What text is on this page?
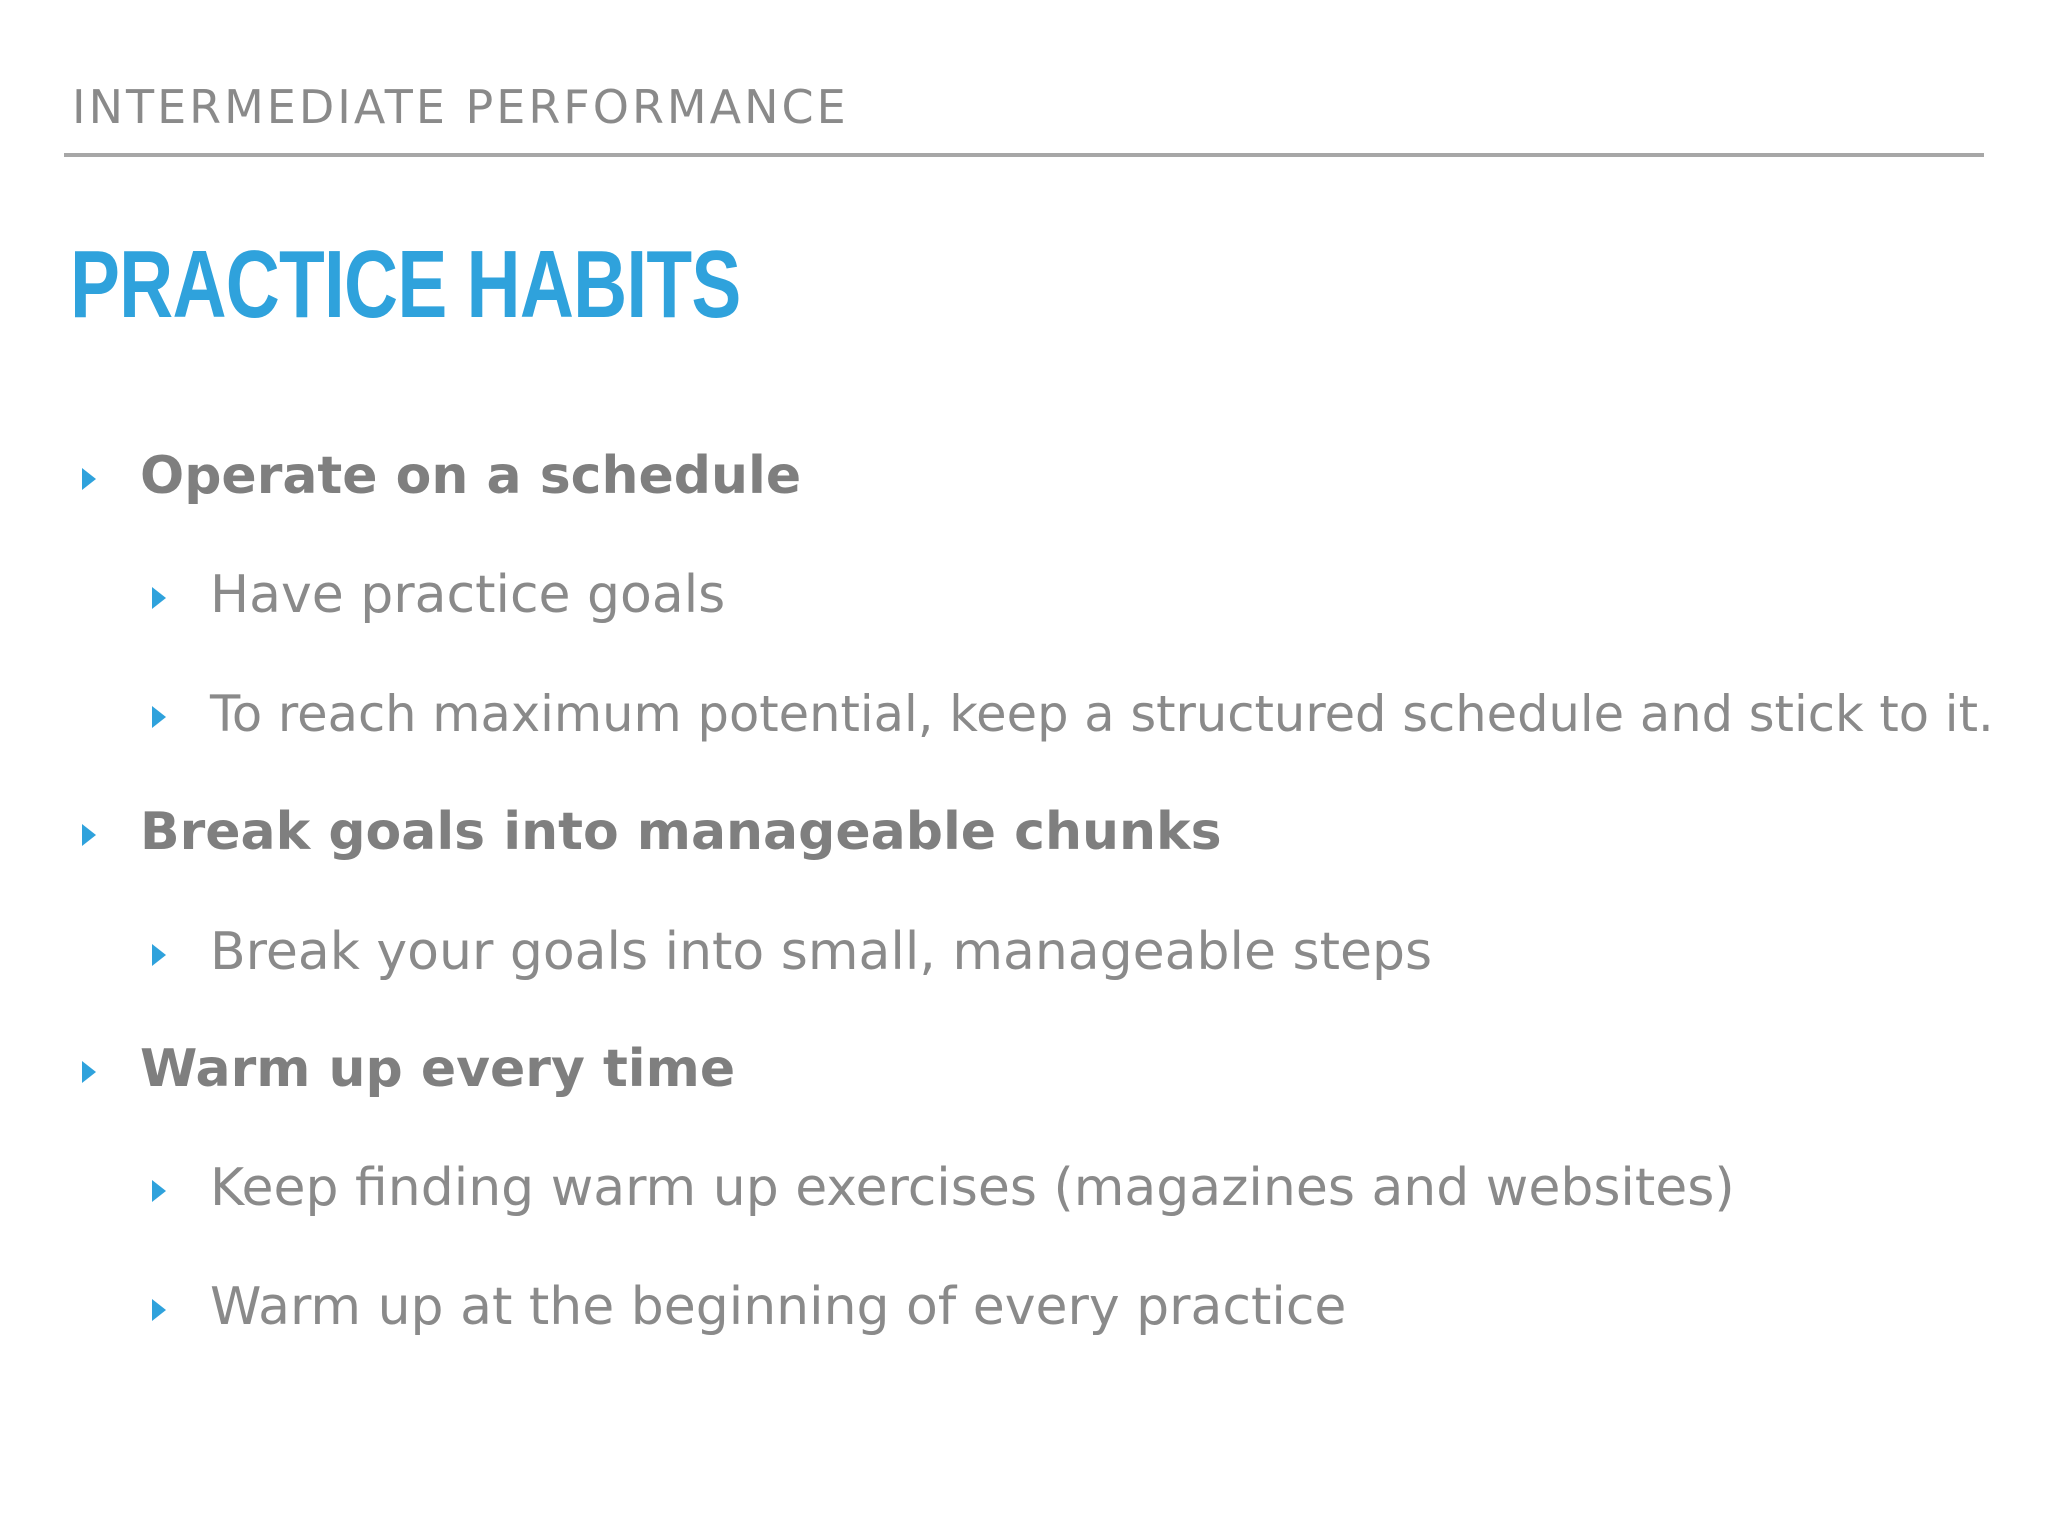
INTERMEDIATE PERFORMANCE
PRACTICE HABITS
Operate on a schedule
Have practice goals
To reach maximum potential, keep a structured schedule and stick to it.
Break goals into manageable chunks
Break your goals into small, manageable steps
Warm up every time
Keep finding warm up exercises (magazines and websites)
Warm up at the beginning of every practice
